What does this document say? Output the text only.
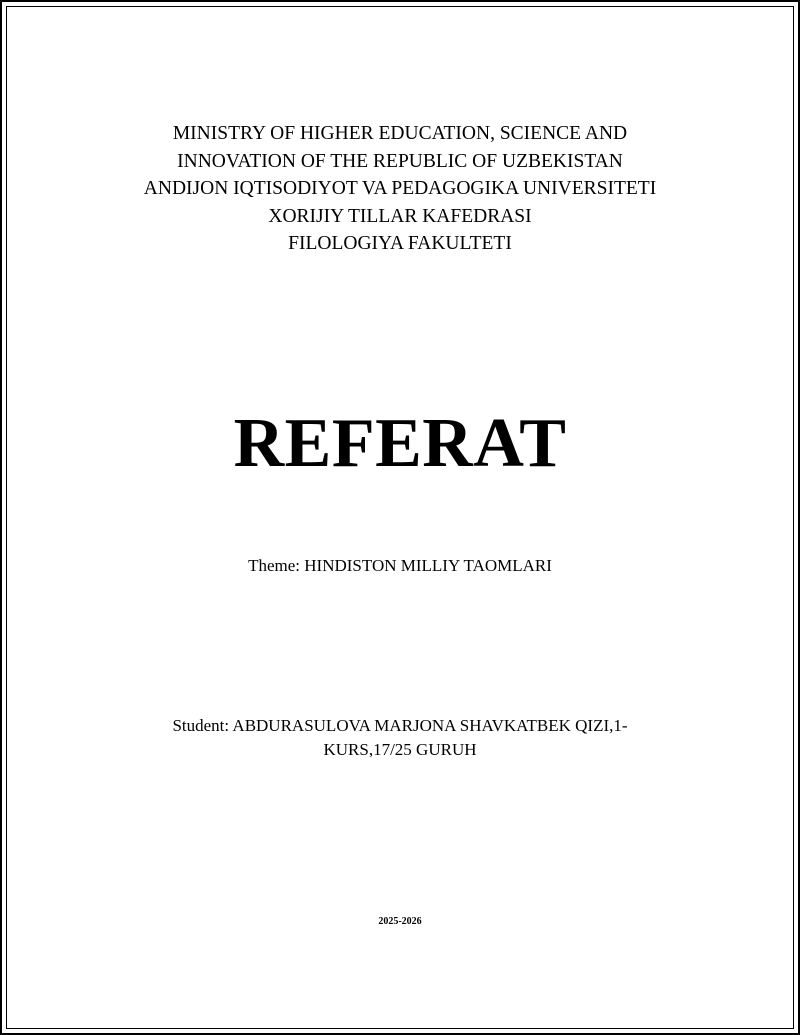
MINISTRY OF HIGHER EDUCATION, SCIENCE AND
INNOVATION OF THE REPUBLIC OF UZBEKISTAN
ANDIJON IQTISODIYOT VA PEDAGOGIKA UNIVERSITETI
XORIJIY TILLAR KAFEDRASI
FILOLOGIYA FAKULTETI
REFERAT
Theme: HINDISTON MILLIY TAOMLARI
Student: ABDURASULOVA MARJONA SHAVKATBEK QIZI,1-
KURS,17/25 GURUH
2025-2026
